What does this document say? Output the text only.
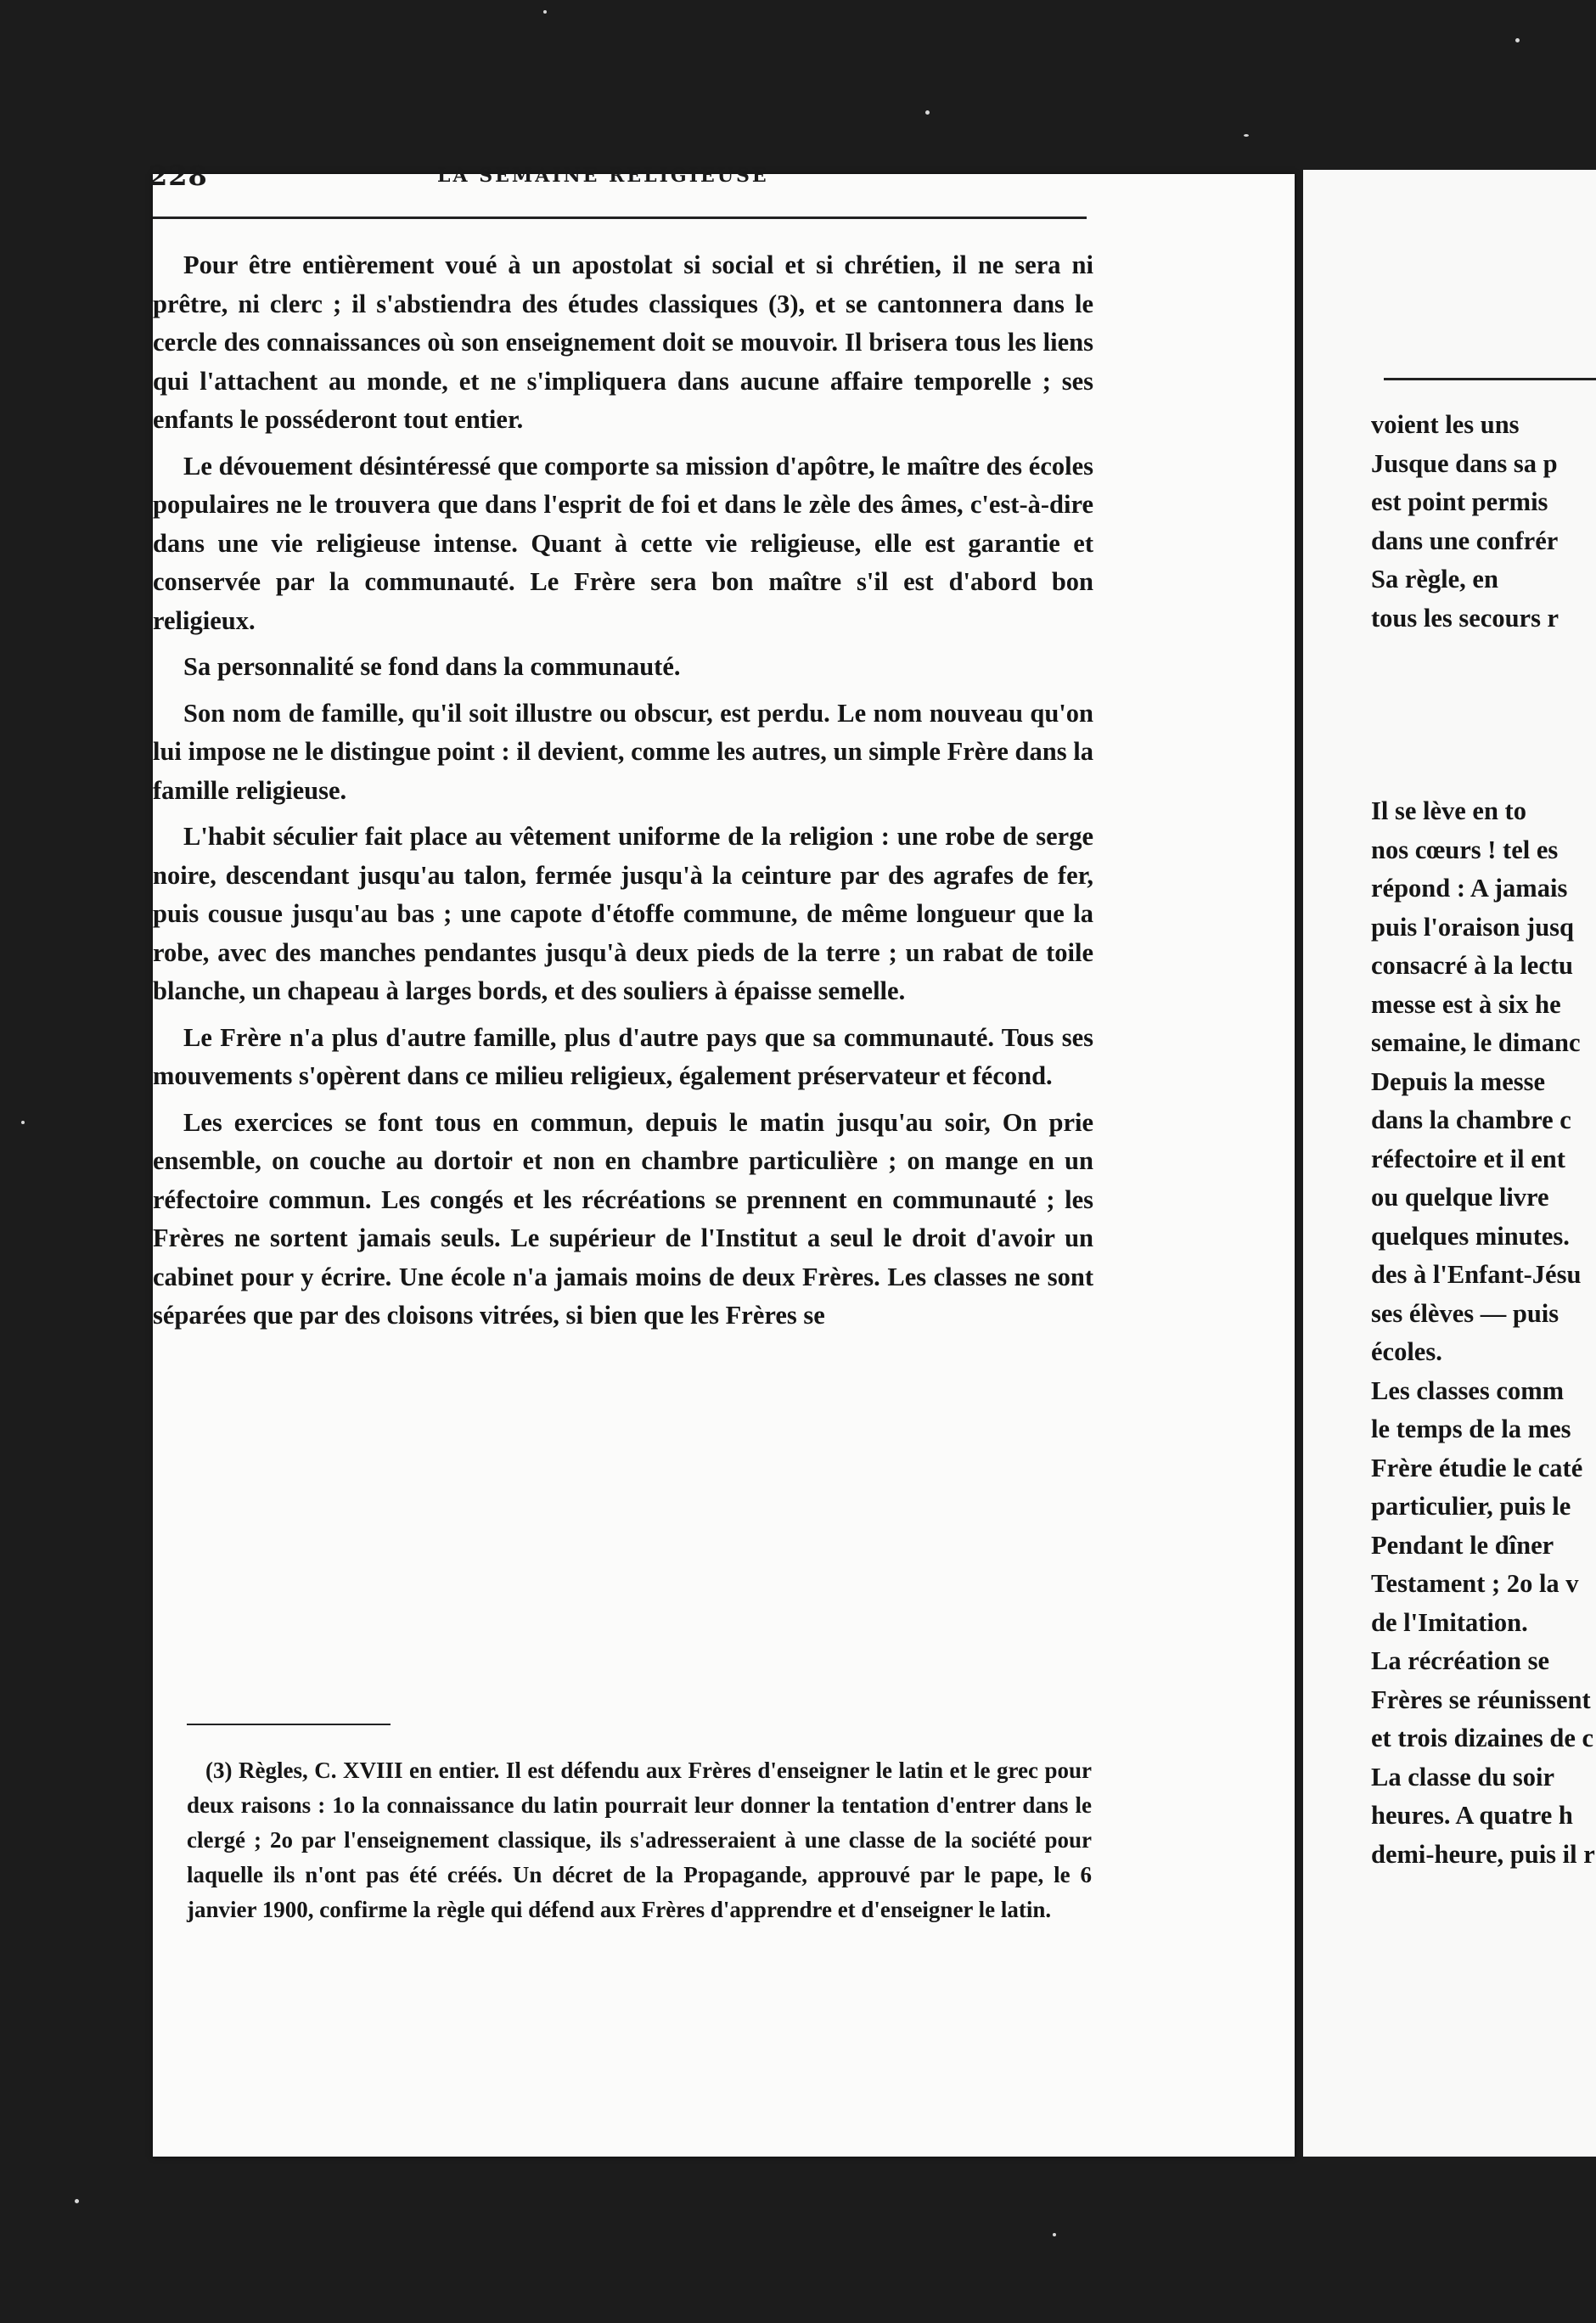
228	LA SEMAINE RELIGIEUSE

Pour être entièrement voué à un apostolat si social et si chrétien, il ne sera ni prêtre, ni clerc ; il s'abstiendra des études classiques (3), et se cantonnera dans le cercle des connaissances où son enseignement doit se mouvoir. Il brisera tous les liens qui l'attachent au monde, et ne s'impliquera dans aucune affaire temporelle ; ses enfants le posséderont tout entier.

Le dévouement désintéressé que comporte sa mission d'apôtre, le maître des écoles populaires ne le trouvera que dans l'esprit de foi et dans le zèle des âmes, c'est-à-dire dans une vie religieuse intense. Quant à cette vie religieuse, elle est garantie et conservée par la communauté. Le Frère sera bon maître s'il est d'abord bon religieux.

Sa personnalité se fond dans la communauté.

Son nom de famille, qu'il soit illustre ou obscur, est perdu. Le nom nouveau qu'on lui impose ne le distingue point : il devient, comme les autres, un simple Frère dans la famille religieuse.

L'habit séculier fait place au vêtement uniforme de la religion : une robe de serge noire, descendant jusqu'au talon, fermée jusqu'à la ceinture par des agrafes de fer, puis cousue jusqu'au bas ; une capote d'étoffe commune, de même longueur que la robe, avec des manches pendantes jusqu'à deux pieds de la terre ; un rabat de toile blanche, un chapeau à larges bords, et des souliers à épaisse semelle.

Le Frère n'a plus d'autre famille, plus d'autre pays que sa communauté. Tous ses mouvements s'opèrent dans ce milieu religieux, également préservateur et fécond.

Les exercices se font tous en commun, depuis le matin jusqu'au soir, On prie ensemble, on couche au dortoir et non en chambre particulière ; on mange en un réfectoire commun. Les congés et les récréations se prennent en communauté ; les Frères ne sortent jamais seuls. Le supérieur de l'Institut a seul le droit d'avoir un cabinet pour y écrire. Une école n'a jamais moins de deux Frères. Les classes ne sont séparées que par des cloisons vitrées, si bien que les Frères se

(3) Règles, C. XVIII en entier. Il est défendu aux Frères d'enseigner le latin et le grec pour deux raisons : 1o la connaissance du latin pourrait leur donner la tentation d'entrer dans le clergé ; 2o par l'enseignement classique, ils s'adresseraient à une classe de la société pour laquelle ils n'ont pas été créés. Un décret de la Propagande, approuvé par le pape, le 6 janvier 1900, confirme la règle qui défend aux Frères d'apprendre et d'enseigner le latin.

voient les uns
Jusque dans sa p
est point permis
dans une confrér
Sa règle, en
tous les secours r
Il se lève en to
nos cœurs ! tel es
répond : A jamais
puis l'oraison jusq
consacré à la lectu
messe est à six he
semaine, le dimanc
Depuis la messe
dans la chambre c
réfectoire et il ent
ou quelque livre
quelques minutes.
des à l'Enfant-Jésu
ses élèves — puis
écoles.
Les classes comm
le temps de la mes
Frère étudie le caté
particulier, puis le
Pendant le dîner
Testament ; 2o la v
de l'Imitation.
La récréation se
Frères se réunissent
et trois dizaines de c
La classe du soir
heures. A quatre h
demi-heure, puis il r
